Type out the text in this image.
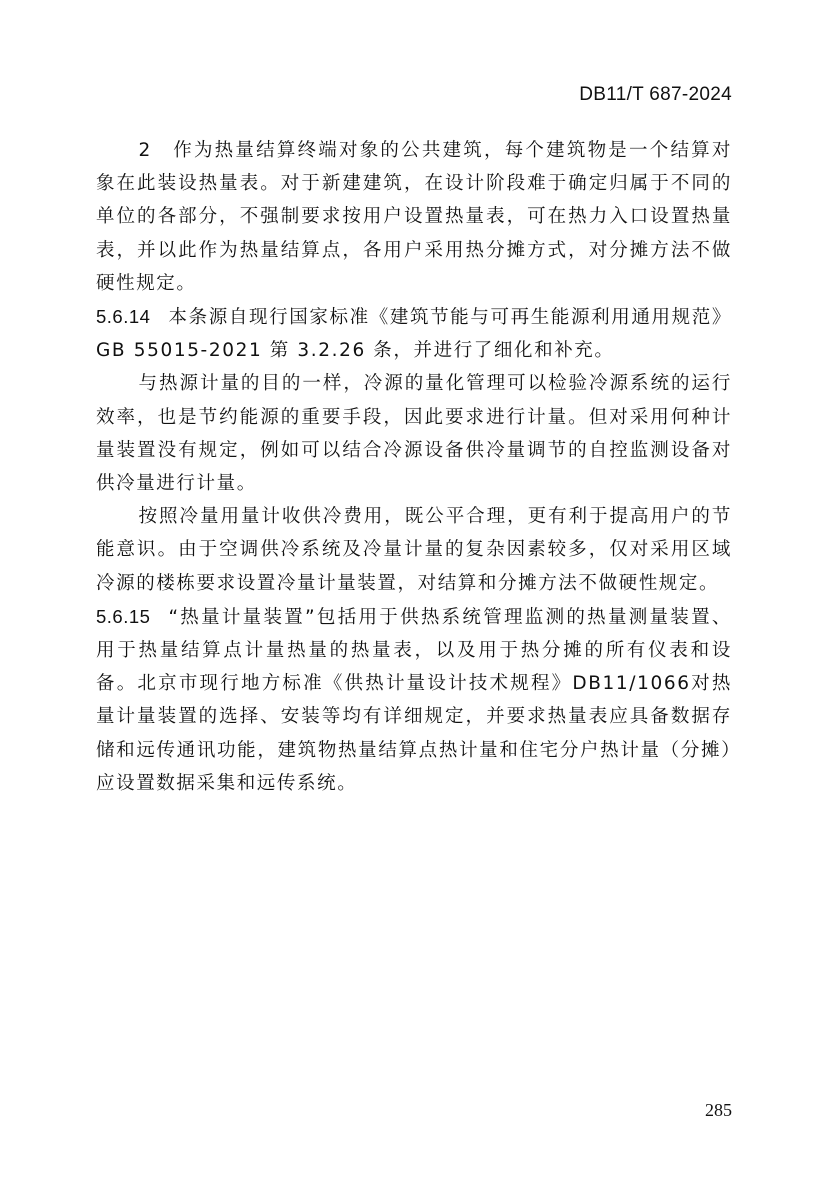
DB11/T 687-2024

2　作为热量结算终端对象的公共建筑，每个建筑物是一个结算对象在此装设热量表。对于新建建筑，在设计阶段难于确定归属于不同的单位的各部分，不强制要求按用户设置热量表，可在热力入口设置热量表，并以此作为热量结算点，各用户采用热分摊方式，对分摊方法不做硬性规定。

5.6.14 本条源自现行国家标准《建筑节能与可再生能源利用通用规范》GB 55015-2021 第 3.2.26 条，并进行了细化和补充。

与热源计量的目的一样，冷源的量化管理可以检验冷源系统的运行效率，也是节约能源的重要手段，因此要求进行计量。但对采用何种计量装置没有规定，例如可以结合冷源设备供冷量调节的自控监测设备对供冷量进行计量。

按照冷量用量计收供冷费用，既公平合理，更有利于提高用户的节能意识。由于空调供冷系统及冷量计量的复杂因素较多，仅对采用区域冷源的楼栋要求设置冷量计量装置，对结算和分摊方法不做硬性规定。

5.6.15 “热量计量装置”包括用于供热系统管理监测的热量测量装置、用于热量结算点计量热量的热量表，以及用于热分摊的所有仪表和设备。北京市现行地方标准《供热计量设计技术规程》DB11/1066对热量计量装置的选择、安装等均有详细规定，并要求热量表应具备数据存储和远传通讯功能，建筑物热量结算点热计量和住宅分户热计量（分摊）应设置数据采集和远传系统。

285
